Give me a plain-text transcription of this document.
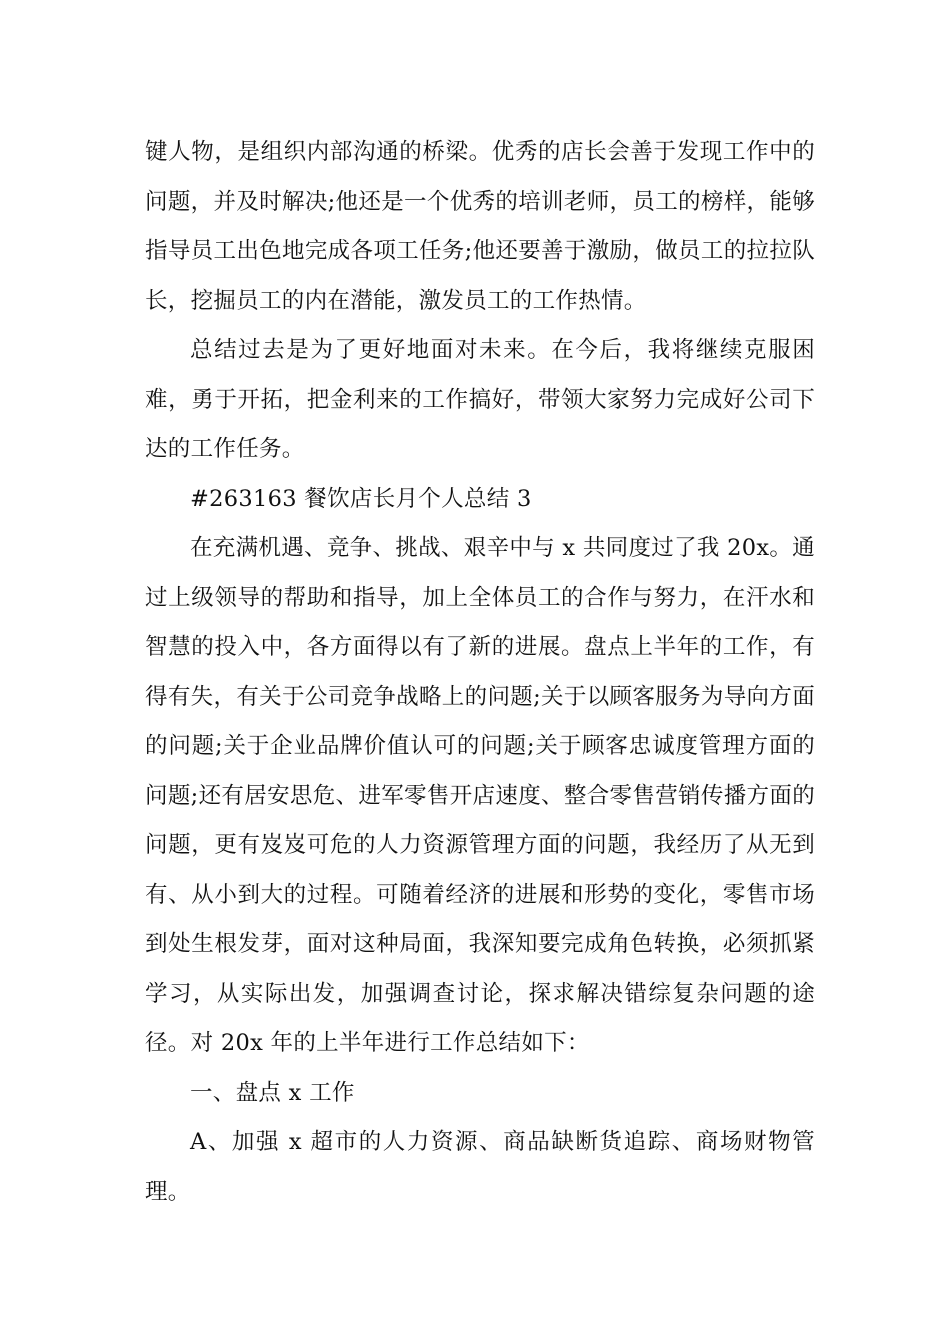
键人物，是组织内部沟通的桥梁。优秀的店长会善于发现工作中的问题，并及时解决;他还是一个优秀的培训老师，员工的榜样，能够指导员工出色地完成各项工任务;他还要善于激励，做员工的拉拉队长，挖掘员工的内在潜能，激发员工的工作热情。

总结过去是为了更好地面对未来。在今后，我将继续克服困难，勇于开拓，把金利来的工作搞好，带领大家努力完成好公司下达的工作任务。

#263163 餐饮店长月个人总结 3

在充满机遇、竞争、挑战、艰辛中与 x 共同度过了我 20x。通过上级领导的帮助和指导，加上全体员工的合作与努力，在汗水和智慧的投入中，各方面得以有了新的进展。盘点上半年的工作，有得有失，有关于公司竞争战略上的问题;关于以顾客服务为导向方面的问题;关于企业品牌价值认可的问题;关于顾客忠诚度管理方面的问题;还有居安思危、进军零售开店速度、整合零售营销传播方面的问题，更有岌岌可危的人力资源管理方面的问题，我经历了从无到有、从小到大的过程。可随着经济的进展和形势的变化，零售市场到处生根发芽，面对这种局面，我深知要完成角色转换，必须抓紧学习，从实际出发，加强调查讨论，探求解决错综复杂问题的途径。对 20x 年的上半年进行工作总结如下：

一、盘点 x 工作

A、加强 x 超市的人力资源、商品缺断货追踪、商场财物管理。
